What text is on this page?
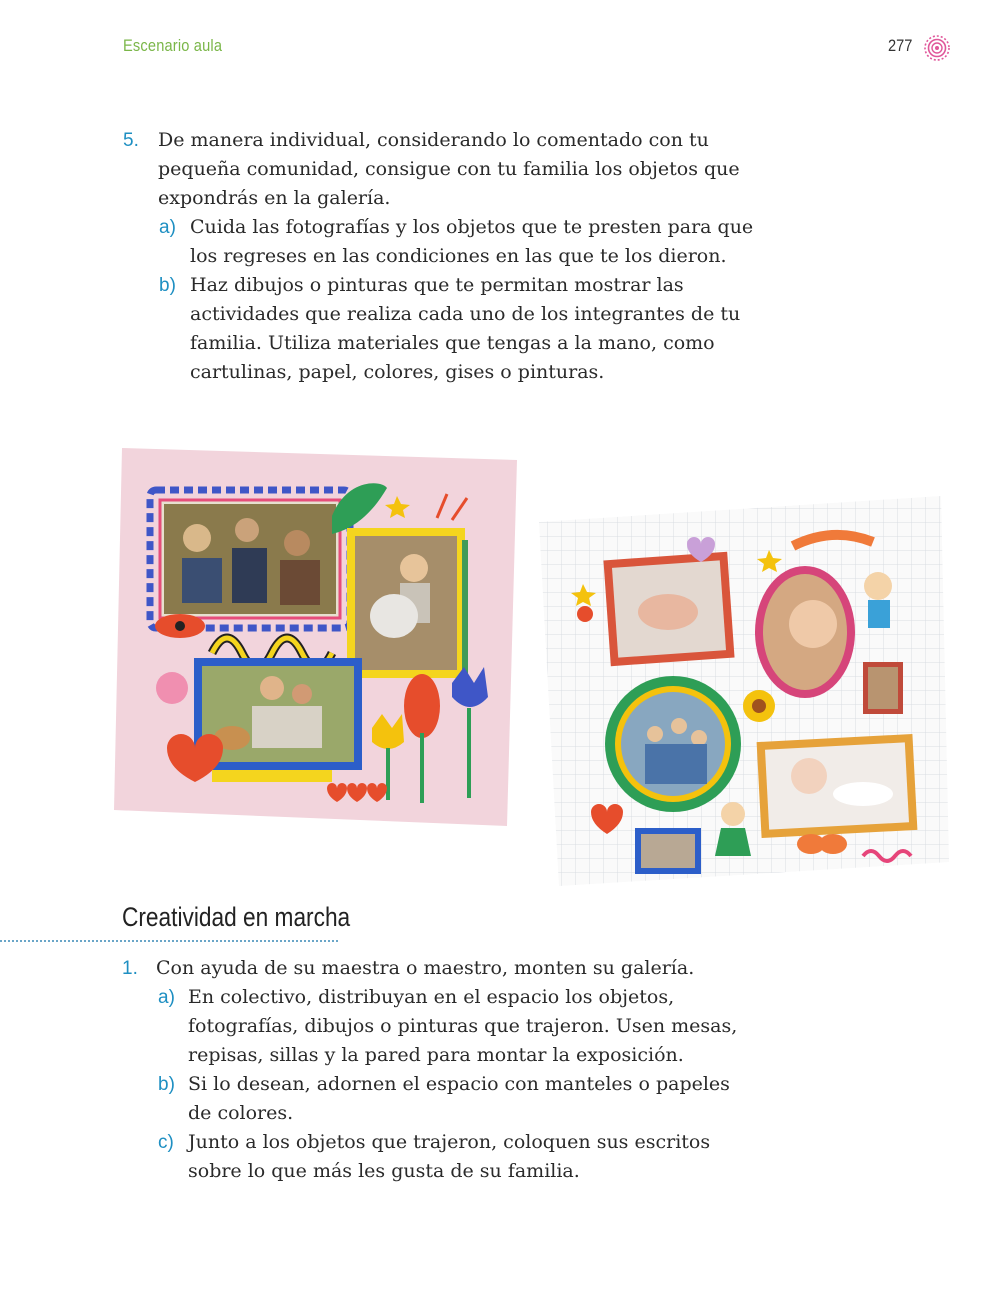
Escenario aula	277
5.	De manera individual, considerando lo comentado con tu pequeña comunidad, consigue con tu familia los objetos que expondrás en la galería.
a) Cuida las fotografías y los objetos que te presten para que los regreses en las condiciones en las que te los dieron.
b) Haz dibujos o pinturas que te permitan mostrar las actividades que realiza cada uno de los integrantes de tu familia. Utiliza materiales que tengas a la mano, como cartulinas, papel, colores, gises o pinturas.
Creatividad en marcha
1. Con ayuda de su maestra o maestro, monten su galería.
a) En colectivo, distribuyan en el espacio los objetos, fotografías, dibujos o pinturas que trajeron. Usen mesas, repisas, sillas y la pared para montar la exposición.
b) Si lo desean, adornen el espacio con manteles o papeles de colores.
c) Junto a los objetos que trajeron, coloquen sus escritos sobre lo que más les gusta de su familia.
